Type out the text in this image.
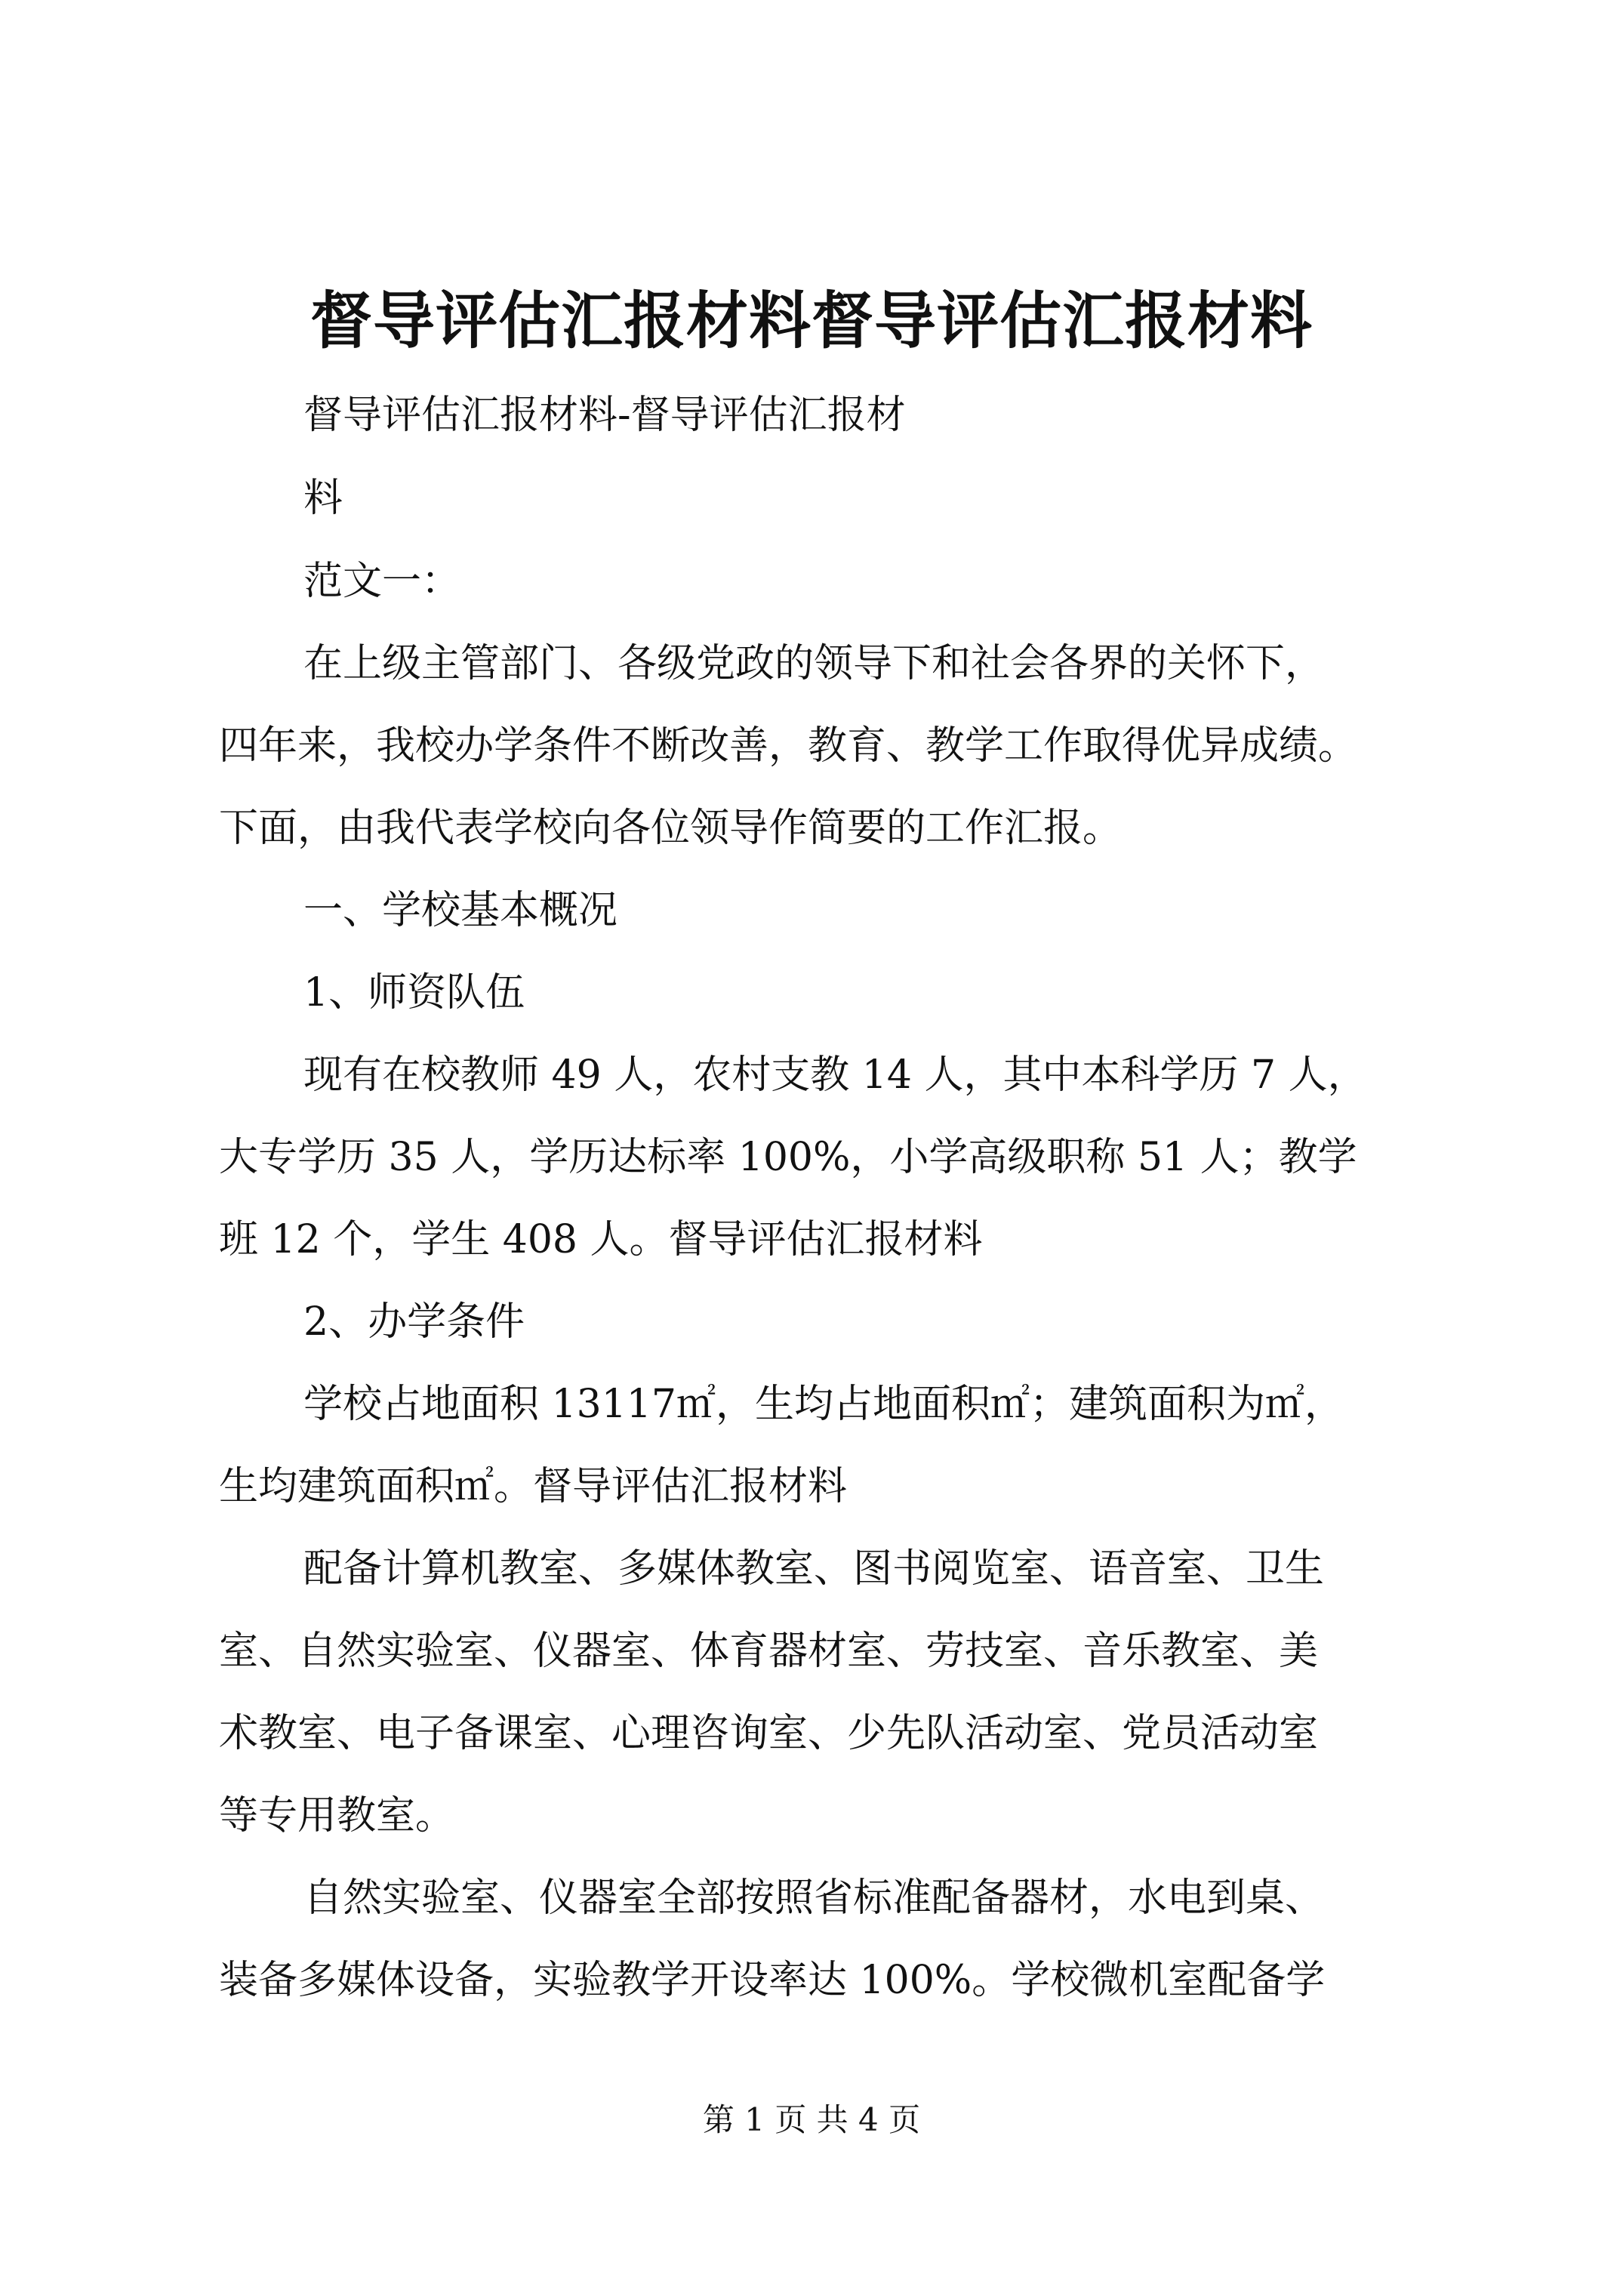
督导评估汇报材料督导评估汇报材料

督导评估汇报材料-督导评估汇报材

料

范文一：

在上级主管部门、各级党政的领导下和社会各界的关怀下，

四年来，我校办学条件不断改善，教育、教学工作取得优异成绩。

下面，由我代表学校向各位领导作简要的工作汇报。

一、学校基本概况

1、师资队伍

现有在校教师 49 人，农村支教 14 人，其中本科学历 7 人，

大专学历 35 人，学历达标率 100%，小学高级职称 51 人；教学

班 12 个，学生 408 人。督导评估汇报材料

2、办学条件

学校占地面积 13117㎡，生均占地面积㎡；建筑面积为㎡，

生均建筑面积㎡。督导评估汇报材料

配备计算机教室、多媒体教室、图书阅览室、语音室、卫生

室、自然实验室、仪器室、体育器材室、劳技室、音乐教室、美

术教室、电子备课室、心理咨询室、少先队活动室、党员活动室

等专用教室。

自然实验室、仪器室全部按照省标准配备器材，水电到桌、

装备多媒体设备，实验教学开设率达 100%。学校微机室配备学

第 1 页 共 4 页
